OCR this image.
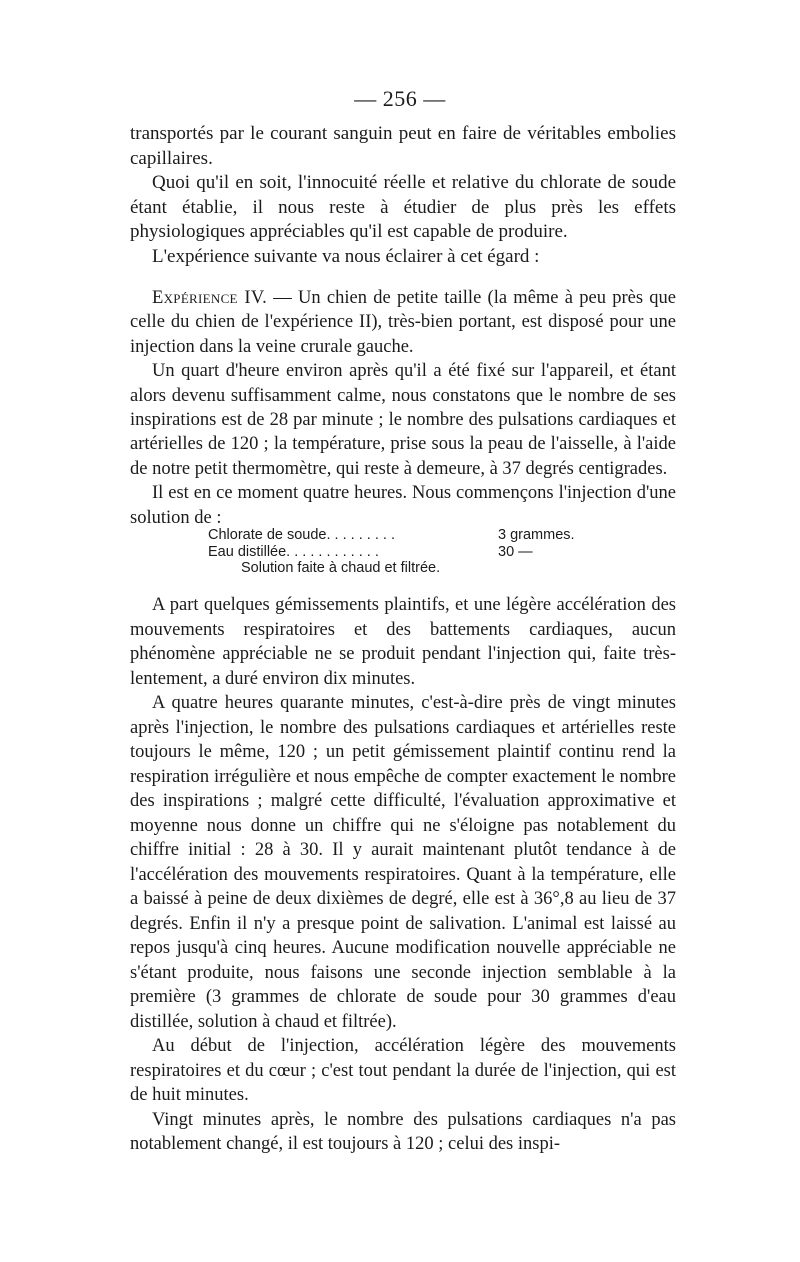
— 256 —

transportés par le courant sanguin peut en faire de véritables embolies capillaires.

Quoi qu'il en soit, l'innocuité réelle et relative du chlorate de soude étant établie, il nous reste à étudier de plus près les effets physiologiques appréciables qu'il est capable de produire.

L'expérience suivante va nous éclairer à cet égard :

Expérience IV. — Un chien de petite taille (la même à peu près que celle du chien de l'expérience II), très-bien portant, est disposé pour une injection dans la veine crurale gauche.

Un quart d'heure environ après qu'il a été fixé sur l'appareil, et étant alors devenu suffisamment calme, nous constatons que le nombre de ses inspirations est de 28 par minute ; le nombre des pulsations cardiaques et artérielles de 120 ; la température, prise sous la peau de l'aisselle, à l'aide de notre petit thermomètre, qui reste à demeure, à 37 degrés centigrades.

Il est en ce moment quatre heures. Nous commençons l'injection d'une solution de :

Chlorate de soude. . . . . . . . .	3 grammes.
Eau distillée. . . . . . . . . . . .	30 —
Solution faite à chaud et filtrée.

A part quelques gémissements plaintifs, et une légère accélération des mouvements respiratoires et des battements cardiaques, aucun phénomène appréciable ne se produit pendant l'injection qui, faite très-lentement, a duré environ dix minutes.

A quatre heures quarante minutes, c'est-à-dire près de vingt minutes après l'injection, le nombre des pulsations cardiaques et artérielles reste toujours le même, 120 ; un petit gémissement plaintif continu rend la respiration irrégulière et nous empêche de compter exactement le nombre des inspirations ; malgré cette difficulté, l'évaluation approximative et moyenne nous donne un chiffre qui ne s'éloigne pas notablement du chiffre initial : 28 à 30. Il y aurait maintenant plutôt tendance à de l'accélération des mouvements respiratoires. Quant à la température, elle a baissé à peine de deux dixièmes de degré, elle est à 36°,8 au lieu de 37 degrés. Enfin il n'y a presque point de salivation. L'animal est laissé au repos jusqu'à cinq heures. Aucune modification nouvelle appréciable ne s'étant produite, nous faisons une seconde injection semblable à la première (3 grammes de chlorate de soude pour 30 grammes d'eau distillée, solution à chaud et filtrée).

Au début de l'injection, accélération légère des mouvements respiratoires et du cœur ; c'est tout pendant la durée de l'injection, qui est de huit minutes.

Vingt minutes après, le nombre des pulsations cardiaques n'a pas notablement changé, il est toujours à 120 ; celui des inspi-
